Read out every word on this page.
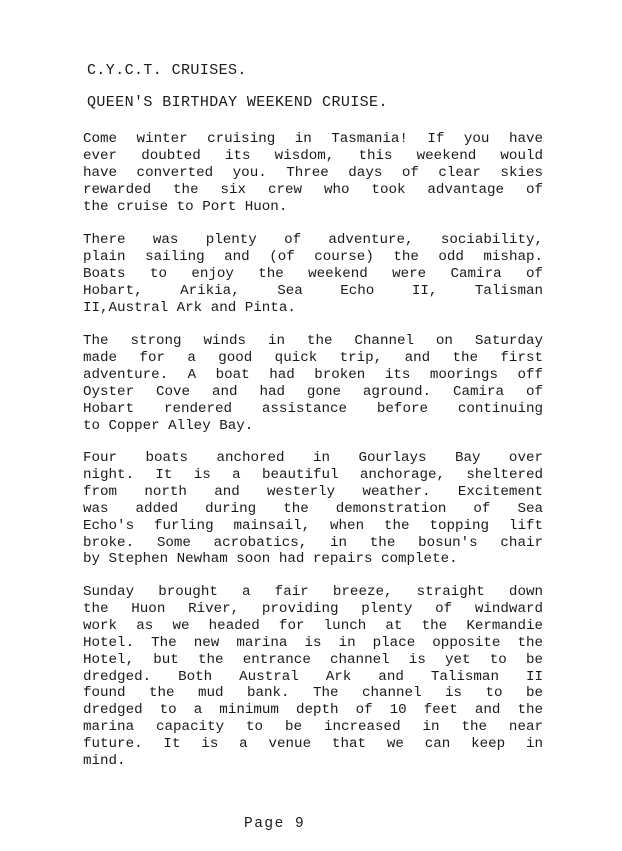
C.Y.C.T. CRUISES.
QUEEN'S BIRTHDAY WEEKEND CRUISE.
Come winter cruising in Tasmania! If you have
ever doubted its wisdom, this weekend would
have converted you. Three days of clear skies
rewarded the six crew who took advantage of
the cruise to Port Huon.
There was plenty of adventure, sociability,
plain sailing and (of course) the odd mishap.
Boats to enjoy the weekend were Camira of
Hobart, Arikia, Sea Echo II, Talisman
II,Austral Ark and Pinta.
The strong winds in the Channel on Saturday
made for a good quick trip, and the first
adventure. A boat had broken its moorings off
Oyster Cove and had gone aground. Camira of
Hobart rendered assistance before continuing
to Copper Alley Bay.
Four boats anchored in Gourlays Bay over
night. It is a beautiful anchorage, sheltered
from north and westerly weather. Excitement
was added during the demonstration of Sea
Echo's furling mainsail, when the topping lift
broke. Some acrobatics, in the bosun's chair
by Stephen Newham soon had repairs complete.
Sunday brought a fair breeze, straight down
the Huon River, providing plenty of windward
work as we headed for lunch at the Kermandie
Hotel. The new marina is in place opposite the
Hotel, but the entrance channel is yet to be
dredged. Both Austral Ark and Talisman II
found the mud bank. The channel is to be
dredged to a minimum depth of 10 feet and the
marina capacity to be increased in the near
future. It is a venue that we can keep in
mind.
Page 9
